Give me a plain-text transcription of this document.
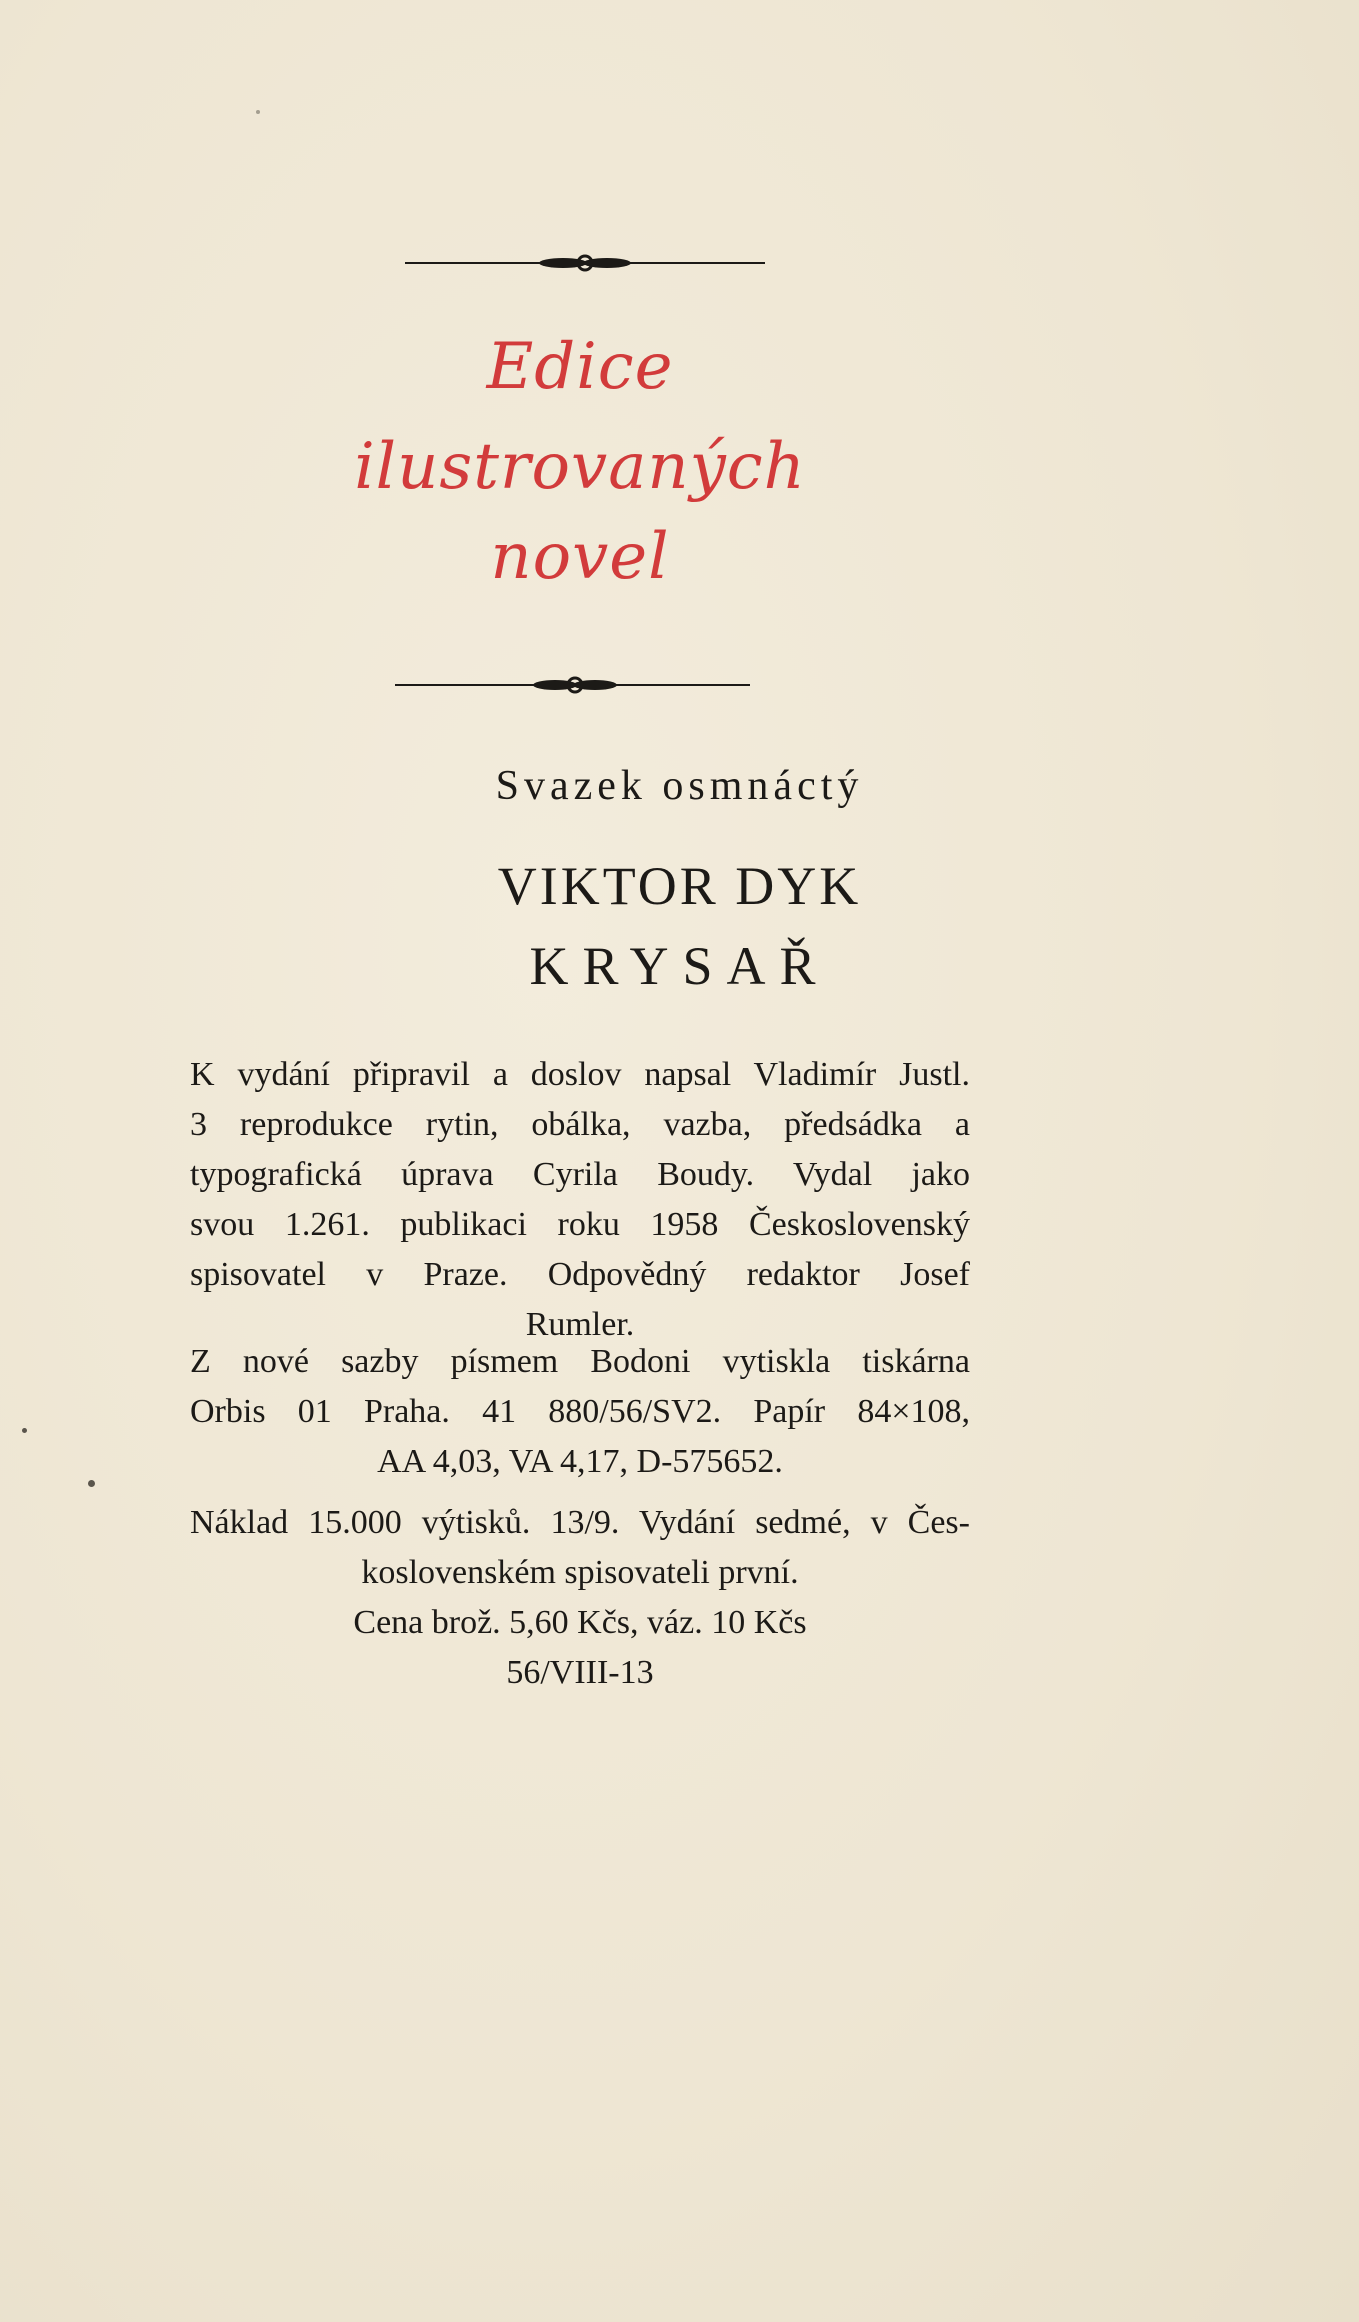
Edice
ilustrovaných
novel
Svazek osmnáctý
VIKTOR DYK
KRYSAŘ
K vydání připravil a doslov napsal Vladimír Justl.
3 reprodukce rytin, obálka, vazba, předsádka a
typografická úprava Cyrila Boudy. Vydal jako
svou 1.261. publikaci roku 1958 Československý
spisovatel v Praze. Odpovědný redaktor Josef
Rumler.
Z nové sazby písmem Bodoni vytiskla tiskárna
Orbis 01 Praha. 41 880/56/SV2. Papír 84×108,
AA 4,03, VA 4,17, D-575652.
Náklad 15.000 výtisků. 13/9. Vydání sedmé, v Čes-
koslovenském spisovateli první.
Cena brož. 5,60 Kčs, váz. 10 Kčs
56/VIII-13
